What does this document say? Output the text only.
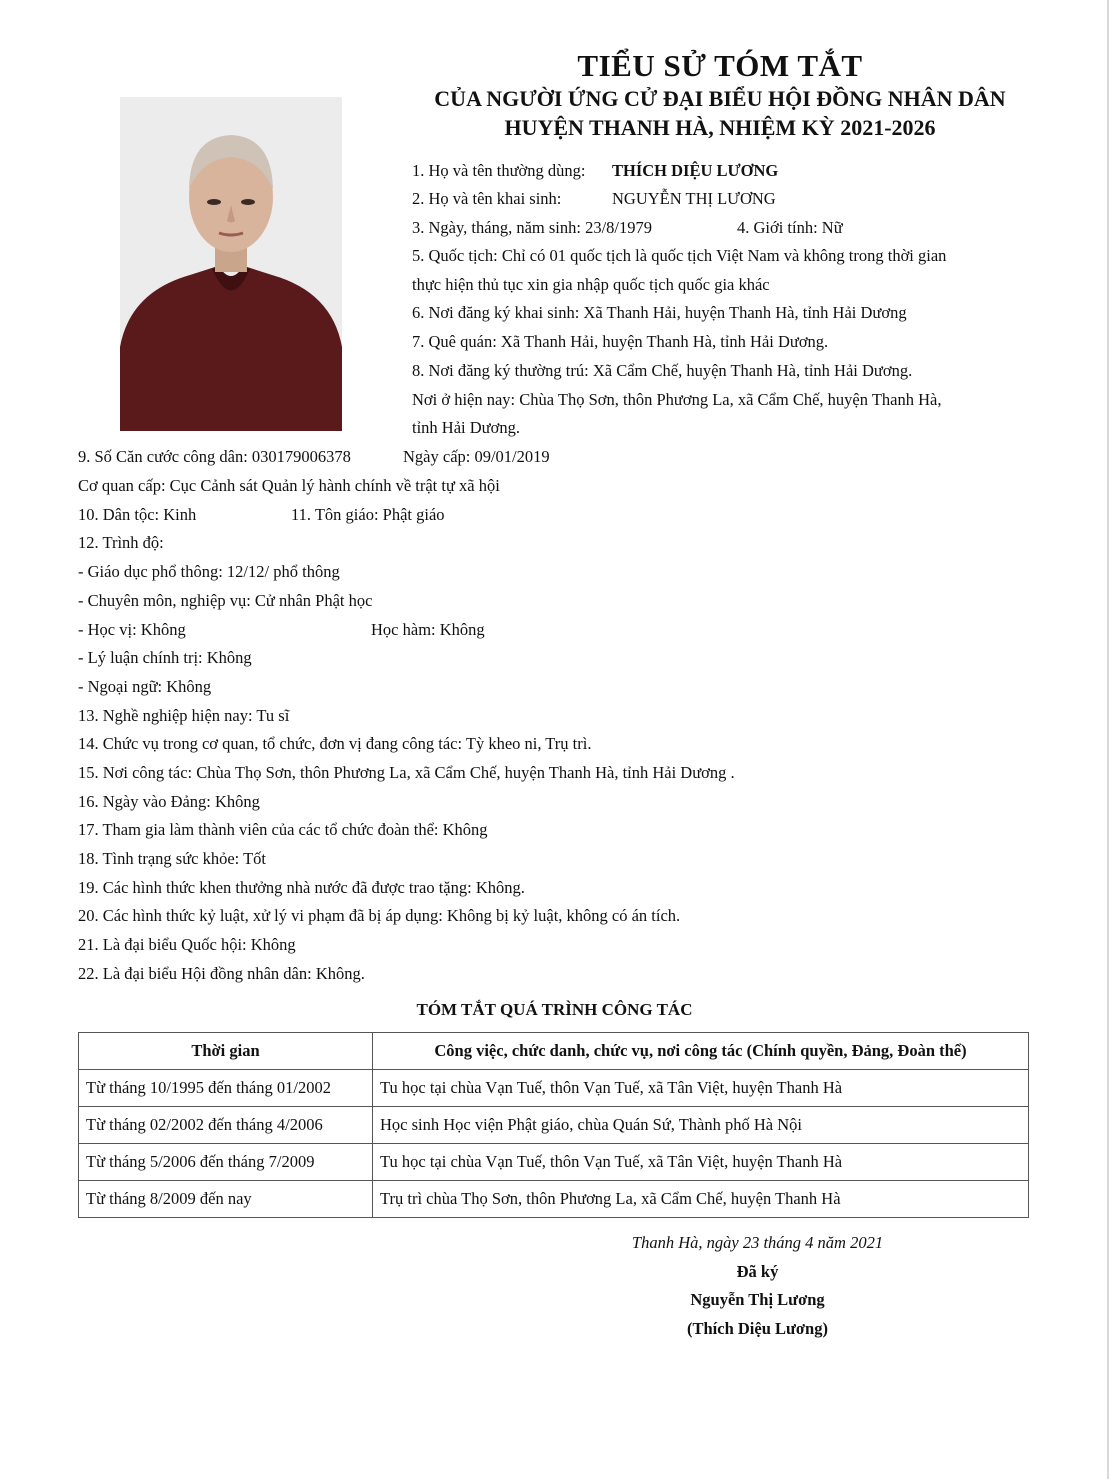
TIỂU SỬ TÓM TẮT
CỦA NGƯỜI ỨNG CỬ ĐẠI BIỂU HỘI ĐỒNG NHÂN DÂN
HUYỆN THANH HÀ, NHIỆM KỲ 2021-2026
1. Họ và tên thường dùng: THÍCH DIỆU LƯƠNG
2. Họ và tên khai sinh:	NGUYỄN THỊ LƯƠNG
3. Ngày, tháng, năm sinh: 23/8/1979	4. Giới tính: Nữ
5. Quốc tịch: Chỉ có 01 quốc tịch là quốc tịch Việt Nam và không trong thời gian
thực hiện thủ tục xin gia nhập quốc tịch quốc gia khác
6. Nơi đăng ký khai sinh: Xã Thanh Hải, huyện Thanh Hà, tỉnh Hải Dương
7. Quê quán: Xã Thanh Hải, huyện Thanh Hà, tỉnh Hải Dương.
8. Nơi đăng ký thường trú: Xã Cẩm Chế, huyện Thanh Hà, tỉnh Hải Dương.
Nơi ở hiện nay: Chùa Thọ Sơn, thôn Phương La, xã Cẩm Chế, huyện Thanh Hà,
tỉnh Hải Dương.
9. Số Căn cước công dân: 030179006378	Ngày cấp: 09/01/2019
Cơ quan cấp: Cục Cảnh sát Quản lý hành chính về trật tự xã hội
10. Dân tộc: Kinh	11. Tôn giáo: Phật giáo
12. Trình độ:
- Giáo dục phổ thông: 12/12/ phổ thông
- Chuyên môn, nghiệp vụ: Cử nhân Phật học
- Học vị: Không	Học hàm: Không
- Lý luận chính trị: Không
- Ngoại ngữ: Không
13. Nghề nghiệp hiện nay: Tu sĩ
14. Chức vụ trong cơ quan, tổ chức, đơn vị đang công tác: Tỳ kheo ni, Trụ trì.
15. Nơi công tác: Chùa Thọ Sơn, thôn Phương La, xã Cẩm Chế, huyện Thanh Hà, tỉnh Hải Dương .
16. Ngày vào Đảng: Không
17. Tham gia làm thành viên của các tổ chức đoàn thể: Không
18. Tình trạng sức khỏe: Tốt
19. Các hình thức khen thưởng nhà nước đã được trao tặng: Không.
20. Các hình thức kỷ luật, xử lý vi phạm đã bị áp dụng: Không bị kỷ luật, không có án tích.
21. Là đại biểu Quốc hội: Không
22. Là đại biểu Hội đồng nhân dân: Không.
TÓM TẮT QUÁ TRÌNH CÔNG TÁC
Thời gian	Công việc, chức danh, chức vụ, nơi công tác (Chính quyền, Đảng, Đoàn thể)
Từ tháng 10/1995 đến tháng 01/2002	Tu học tại chùa Vạn Tuế, thôn Vạn Tuế, xã Tân Việt, huyện Thanh Hà
Từ tháng 02/2002 đến tháng 4/2006	Học sinh Học viện Phật giáo, chùa Quán Sứ, Thành phố Hà Nội
Từ tháng 5/2006 đến tháng 7/2009	Tu học tại chùa Vạn Tuế, thôn Vạn Tuế, xã Tân Việt, huyện Thanh Hà
Từ tháng 8/2009 đến nay	Trụ trì chùa Thọ Sơn, thôn Phương La, xã Cẩm Chế, huyện Thanh Hà
Thanh Hà, ngày 23 tháng 4 năm 2021
Đã ký
Nguyễn Thị Lương
(Thích Diệu Lương)
